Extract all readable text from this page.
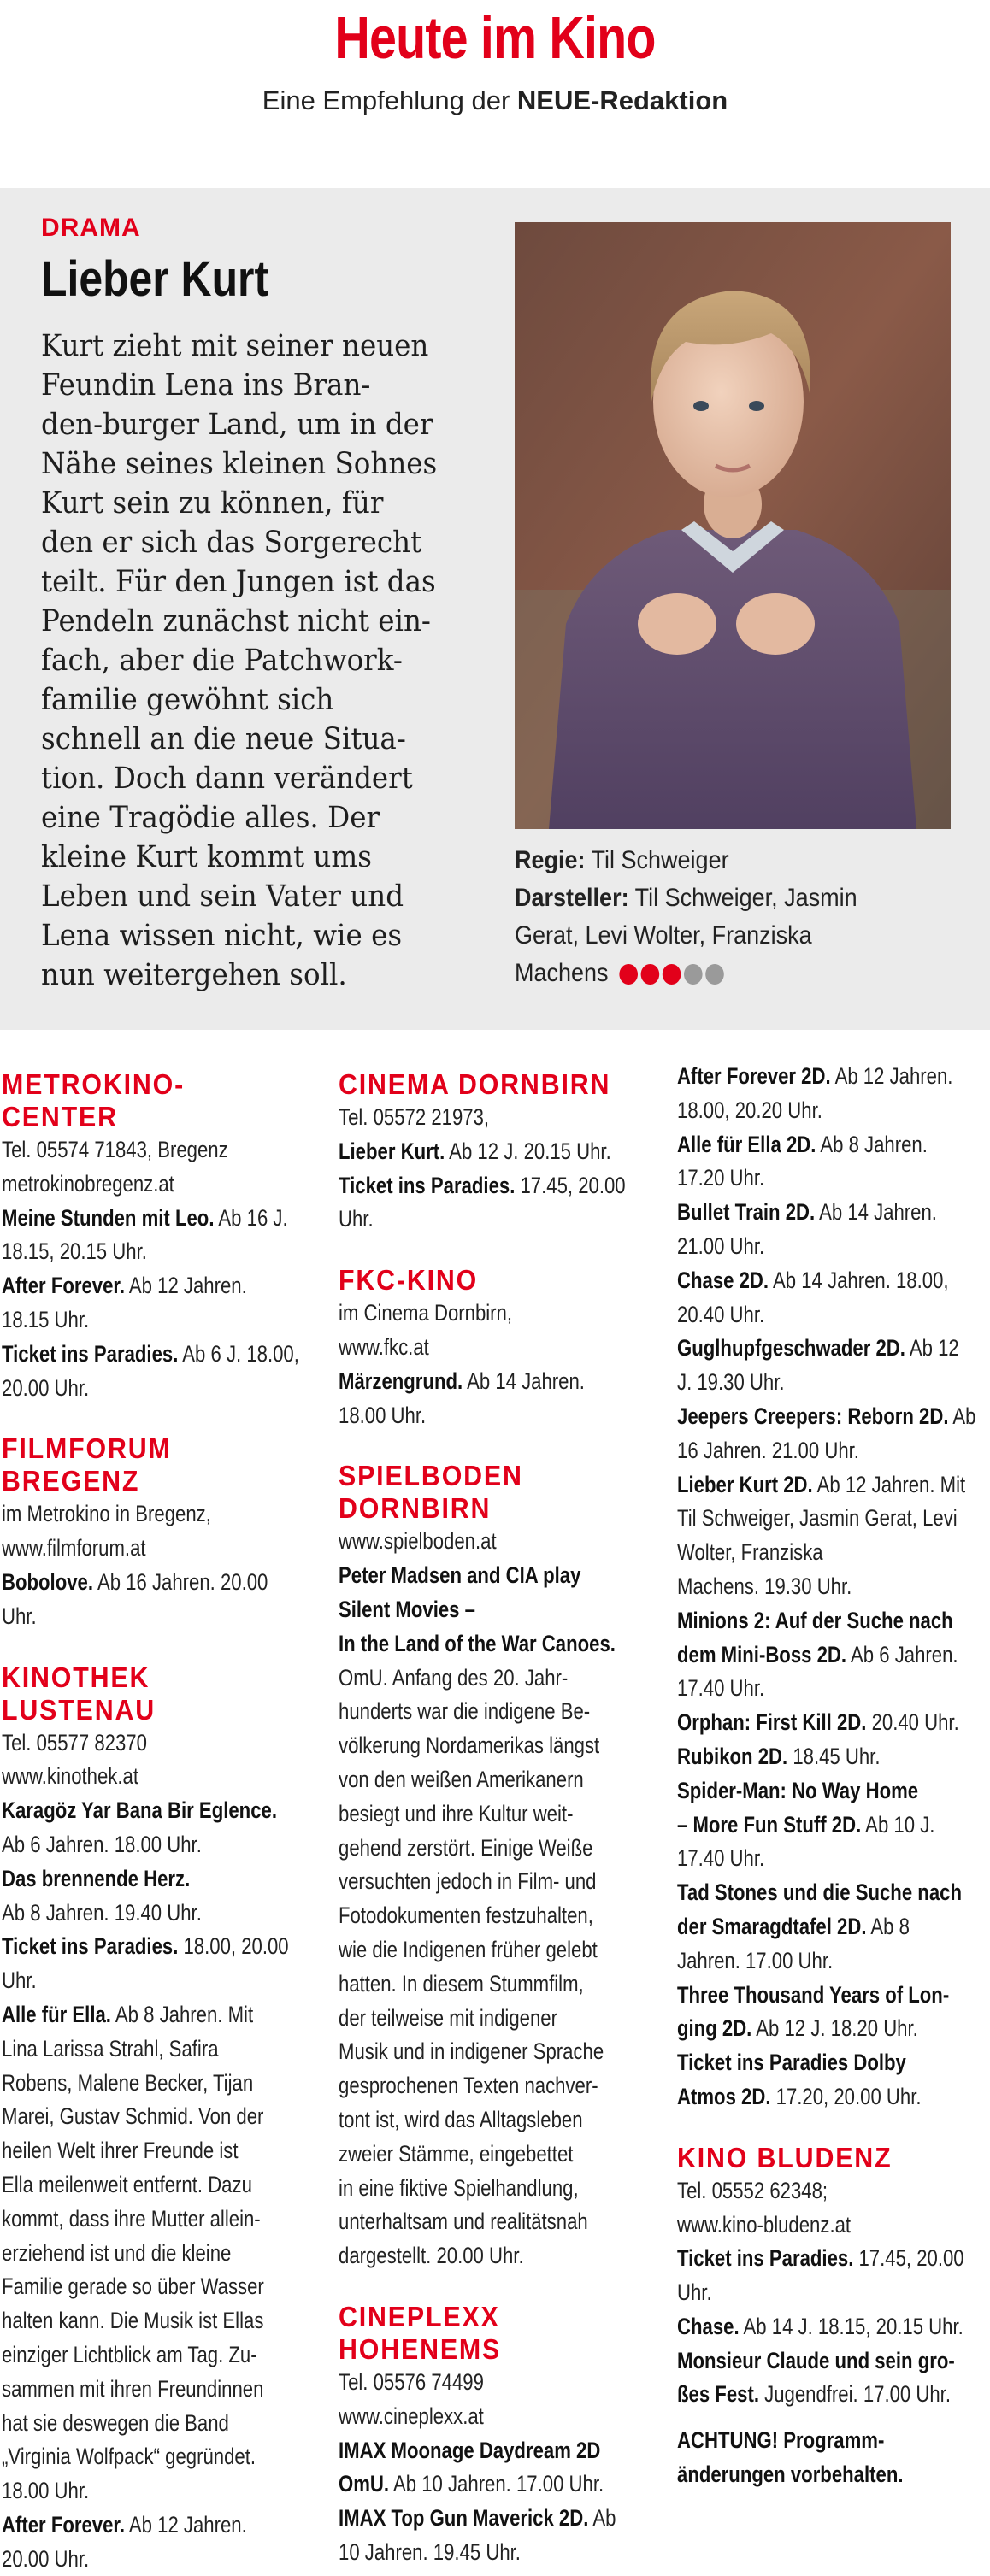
Heute im Kino
Eine Empfehlung der NEUE-Redaktion
DRAMA
Lieber Kurt
Kurt zieht mit seiner neuen
Feundin Lena ins Bran-
den-burger Land, um in der
Nähe seines kleinen Sohnes
Kurt sein zu können, für
den er sich das Sorgerecht
teilt. Für den Jungen ist das
Pendeln zunächst nicht ein-
fach, aber die Patchwork-
familie gewöhnt sich
schnell an die neue Situa-
tion. Doch dann verändert
eine Tragödie alles. Der
kleine Kurt kommt ums
Leben und sein Vater und
Lena wissen nicht, wie es
nun weitergehen soll.
Regie: Til Schweiger
Darsteller: Til Schweiger, Jasmin
Gerat, Levi Wolter, Franziska
Machens
METROKINO-
CENTER
Tel. 05574 71843, Bregenz
metrokinobregenz.at
Meine Stunden mit Leo. Ab 16 J.
18.15, 20.15 Uhr.
After Forever. Ab 12 Jahren.
18.15 Uhr.
Ticket ins Paradies. Ab 6 J. 18.00,
20.00 Uhr.
FILMFORUM
BREGENZ
im Metrokino in Bregenz,
www.filmforum.at
Bobolove. Ab 16 Jahren. 20.00
Uhr.
KINOTHEK
LUSTENAU
Tel. 05577 82370
www.kinothek.at
Karagöz Yar Bana Bir Eglence.
Ab 6 Jahren. 18.00 Uhr.
Das brennende Herz.
Ab 8 Jahren. 19.40 Uhr.
Ticket ins Paradies. 18.00, 20.00
Uhr.
Alle für Ella. Ab 8 Jahren. Mit
Lina Larissa Strahl, Safira
Robens, Malene Becker, Tijan
Marei, Gustav Schmid. Von der
heilen Welt ihrer Freunde ist
Ella meilenweit entfernt. Dazu
kommt, dass ihre Mutter allein-
erziehend ist und die kleine
Familie gerade so über Wasser
halten kann. Die Musik ist Ellas
einziger Lichtblick am Tag. Zu-
sammen mit ihren Freundinnen
hat sie deswegen die Band
„Virginia Wolfpack“ gegründet.
18.00 Uhr.
After Forever. Ab 12 Jahren.
20.00 Uhr.
CINEMA DORNBIRN
Tel. 05572 21973,
Lieber Kurt. Ab 12 J. 20.15 Uhr.
Ticket ins Paradies. 17.45, 20.00
Uhr.
FKC-KINO
im Cinema Dornbirn,
www.fkc.at
Märzengrund. Ab 14 Jahren.
18.00 Uhr.
SPIELBODEN
DORNBIRN
www.spielboden.at
Peter Madsen and CIA play
Silent Movies –
In the Land of the War Canoes.
OmU. Anfang des 20. Jahr-
hunderts war die indigene Be-
völkerung Nordamerikas längst
von den weißen Amerikanern
besiegt und ihre Kultur weit-
gehend zerstört. Einige Weiße
versuchten jedoch in Film- und
Fotodokumenten festzuhalten,
wie die Indigenen früher gelebt
hatten. In diesem Stummfilm,
der teilweise mit indigener
Musik und in indigener Sprache
gesprochenen Texten nachver-
tont ist, wird das Alltagsleben
zweier Stämme, eingebettet
in eine fiktive Spielhandlung,
unterhaltsam und realitätsnah
dargestellt. 20.00 Uhr.
CINEPLEXX
HOHENEMS
Tel. 05576 74499
www.cineplexx.at
IMAX Moonage Daydream 2D
OmU. Ab 10 Jahren. 17.00 Uhr.
IMAX Top Gun Maverick 2D. Ab
10 Jahren. 19.45 Uhr.
After Forever 2D. Ab 12 Jahren.
18.00, 20.20 Uhr.
Alle für Ella 2D. Ab 8 Jahren.
17.20 Uhr.
Bullet Train 2D. Ab 14 Jahren.
21.00 Uhr.
Chase 2D. Ab 14 Jahren. 18.00,
20.40 Uhr.
Guglhupfgeschwader 2D. Ab 12
J. 19.30 Uhr.
Jeepers Creepers: Reborn 2D. Ab
16 Jahren. 21.00 Uhr.
Lieber Kurt 2D. Ab 12 Jahren. Mit
Til Schweiger, Jasmin Gerat, Levi
Wolter, Franziska
Machens. 19.30 Uhr.
Minions 2: Auf der Suche nach
dem Mini-Boss 2D. Ab 6 Jahren.
17.40 Uhr.
Orphan: First Kill 2D. 20.40 Uhr.
Rubikon 2D. 18.45 Uhr.
Spider-Man: No Way Home
– More Fun Stuff 2D. Ab 10 J.
17.40 Uhr.
Tad Stones und die Suche nach
der Smaragdtafel 2D. Ab 8
Jahren. 17.00 Uhr.
Three Thousand Years of Lon-
ging 2D. Ab 12 J. 18.20 Uhr.
Ticket ins Paradies Dolby
Atmos 2D. 17.20, 20.00 Uhr.
KINO BLUDENZ
Tel. 05552 62348;
www.kino-bludenz.at
Ticket ins Paradies. 17.45, 20.00
Uhr.
Chase. Ab 14 J. 18.15, 20.15 Uhr.
Monsieur Claude und sein gro-
ßes Fest. Jugendfrei. 17.00 Uhr.
ACHTUNG! Programm-
änderungen vorbehalten.
